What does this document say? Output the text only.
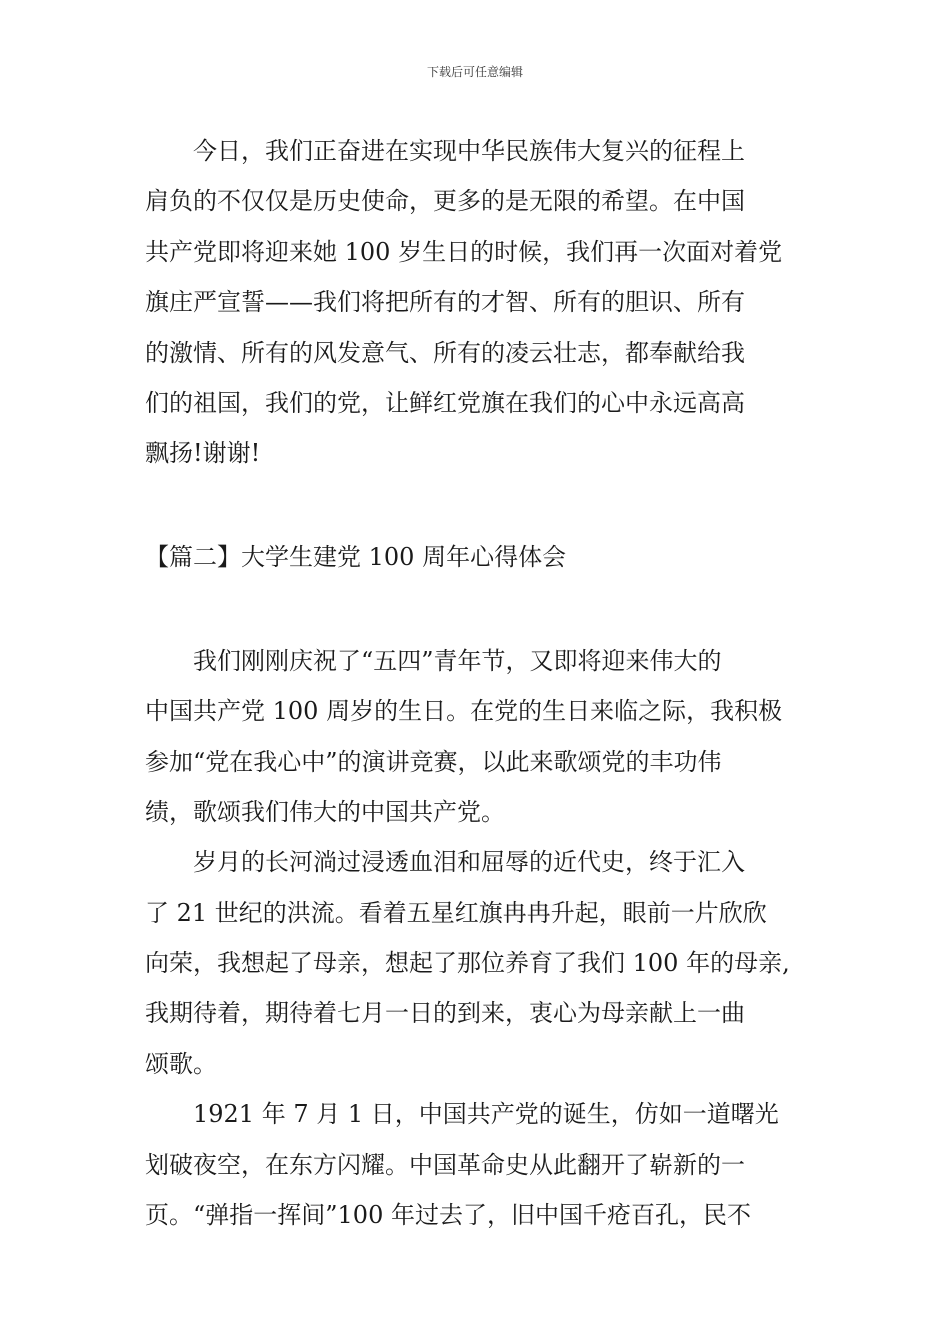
下载后可任意编辑
今日，我们正奋进在实现中华民族伟大复兴的征程上
肩负的不仅仅是历史使命，更多的是无限的希望。在中国
共产党即将迎来她 100 岁生日的时候，我们再一次面对着党
旗庄严宣誓——我们将把所有的才智、所有的胆识、所有
的激情、所有的风发意气、所有的凌云壮志，都奉献给我
们的祖国，我们的党，让鲜红党旗在我们的心中永远高高
飘扬!谢谢!
【篇二】大学生建党 100 周年心得体会
我们刚刚庆祝了“五四”青年节，又即将迎来伟大的
中国共产党 100 周岁的生日。在党的生日来临之际，我积极
参加“党在我心中”的演讲竞赛，以此来歌颂党的丰功伟
绩，歌颂我们伟大的中国共产党。
岁月的长河淌过浸透血泪和屈辱的近代史，终于汇入
了 21 世纪的洪流。看着五星红旗冉冉升起，眼前一片欣欣
向荣，我想起了母亲，想起了那位养育了我们 100 年的母亲,
我期待着，期待着七月一日的到来，衷心为母亲献上一曲
颂歌。
1921 年 7 月 1 日，中国共产党的诞生，仿如一道曙光
划破夜空，在东方闪耀。中国革命史从此翻开了崭新的一
页。“弹指一挥间”100 年过去了，旧中国千疮百孔，民不
